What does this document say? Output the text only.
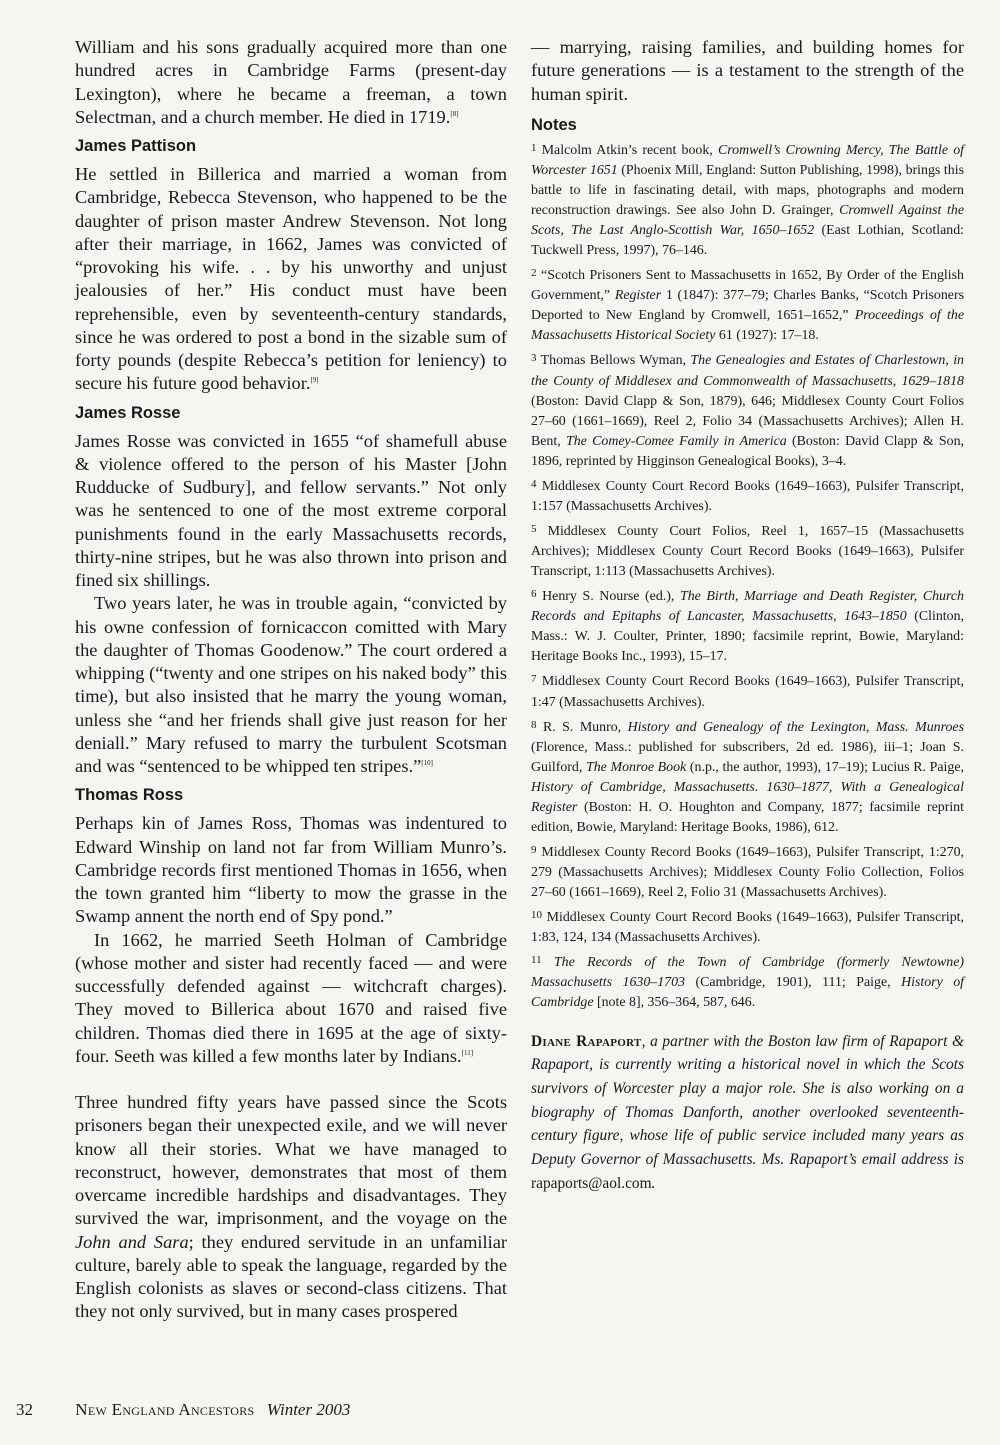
William and his sons gradually acquired more than one hundred acres in Cambridge Farms (present-day Lexington), where he became a freeman, a town Selectman, and a church member. He died in 1719.[8]

James Pattison

He settled in Billerica and married a woman from Cambridge, Rebecca Stevenson, who happened to be the daughter of prison master Andrew Stevenson. Not long after their marriage, in 1662, James was convicted of “provoking his wife. . . by his unworthy and unjust jealousies of her.” His conduct must have been reprehensible, even by seventeenth-century standards, since he was ordered to post a bond in the sizable sum of forty pounds (despite Rebecca’s petition for leniency) to secure his future good behavior.[9]

James Rosse

James Rosse was convicted in 1655 “of shamefull abuse & violence offered to the person of his Master [John Rudducke of Sudbury], and fellow servants.” Not only was he sentenced to one of the most extreme corporal punishments found in the early Massachusetts records, thirty-nine stripes, but he was also thrown into prison and fined six shillings.

Two years later, he was in trouble again, “convicted by his owne confession of fornicaccon comitted with Mary the daughter of Thomas Goodenow.” The court ordered a whipping (“twenty and one stripes on his naked body” this time), but also insisted that he marry the young woman, unless she “and her friends shall give just reason for her deniall.” Mary refused to marry the turbulent Scotsman and was “sentenced to be whipped ten stripes.”[10]

Thomas Ross

Perhaps kin of James Ross, Thomas was indentured to Edward Winship on land not far from William Munro’s. Cambridge records first mentioned Thomas in 1656, when the town granted him “liberty to mow the grasse in the Swamp annent the north end of Spy pond.”

In 1662, he married Seeth Holman of Cambridge (whose mother and sister had recently faced — and were successfully defended against — witchcraft charges). They moved to Billerica about 1670 and raised five children. Thomas died there in 1695 at the age of sixty-four. Seeth was killed a few months later by Indians.[11]

Three hundred fifty years have passed since the Scots prisoners began their unexpected exile, and we will never know all their stories. What we have managed to reconstruct, however, demonstrates that most of them overcame incredible hardships and disadvantages. They survived the war, imprisonment, and the voyage on the John and Sara; they endured servitude in an unfamiliar culture, barely able to speak the language, regarded by the English colonists as slaves or second-class citizens. That they not only survived, but in many cases prospered

— marrying, raising families, and building homes for future generations — is a testament to the strength of the human spirit.

Notes

$^1$ Malcolm Atkin’s recent book, Cromwell’s Crowning Mercy, The Battle of Worcester 1651 (Phoenix Mill, England: Sutton Publishing, 1998), brings this battle to life in fascinating detail, with maps, photographs and modern reconstruction drawings. See also John D. Grainger, Cromwell Against the Scots, The Last Anglo-Scottish War, 1650–1652 (East Lothian, Scotland: Tuckwell Press, 1997), 76–146.

$^2$ “Scotch Prisoners Sent to Massachusetts in 1652, By Order of the English Government,” Register 1 (1847): 377–79; Charles Banks, “Scotch Prisoners Deported to New England by Cromwell, 1651–1652,” Proceedings of the Massachusetts Historical Society 61 (1927): 17–18.

$^3$ Thomas Bellows Wyman, The Genealogies and Estates of Charlestown, in the County of Middlesex and Commonwealth of Massachusetts, 1629–1818 (Boston: David Clapp & Son, 1879), 646; Middlesex County Court Folios 27–60 (1661–1669), Reel 2, Folio 34 (Massachusetts Archives); Allen H. Bent, The Comey-Comee Family in America (Boston: David Clapp & Son, 1896, reprinted by Higginson Genealogical Books), 3–4.

$^4$ Middlesex County Court Record Books (1649–1663), Pulsifer Transcript, 1:157 (Massachusetts Archives).

$^5$ Middlesex County Court Folios, Reel 1, 1657–15 (Massachusetts Archives); Middlesex County Court Record Books (1649–1663), Pulsifer Transcript, 1:113 (Massachusetts Archives).

$^6$ Henry S. Nourse (ed.), The Birth, Marriage and Death Register, Church Records and Epitaphs of Lancaster, Massachusetts, 1643–1850 (Clinton, Mass.: W. J. Coulter, Printer, 1890; facsimile reprint, Bowie, Maryland: Heritage Books Inc., 1993), 15–17.

$^7$ Middlesex County Court Record Books (1649–1663), Pulsifer Transcript, 1:47 (Massachusetts Archives).

$^8$ R. S. Munro, History and Genealogy of the Lexington, Mass. Munroes (Florence, Mass.: published for subscribers, 2d ed. 1986), iii–1; Joan S. Guilford, The Monroe Book (n.p., the author, 1993), 17–19); Lucius R. Paige, History of Cambridge, Massachusetts. 1630–1877, With a Genealogical Register (Boston: H. O. Houghton and Company, 1877; facsimile reprint edition, Bowie, Maryland: Heritage Books, 1986), 612.

$^9$ Middlesex County Record Books (1649–1663), Pulsifer Transcript, 1:270, 279 (Massachusetts Archives); Middlesex County Folio Collection, Folios 27–60 (1661–1669), Reel 2, Folio 31 (Massachusetts Archives).

$^{10}$ Middlesex County Court Record Books (1649–1663), Pulsifer Transcript, 1:83, 124, 134 (Massachusetts Archives).

$^{11}$ The Records of the Town of Cambridge (formerly Newtowne) Massachusetts 1630–1703 (Cambridge, 1901), 111; Paige, History of Cambridge [note 8], 356–364, 587, 646.

Diane Rapaport, a partner with the Boston law firm of Rapaport & Rapaport, is currently writing a historical novel in which the Scots survivors of Worcester play a major role. She is also working on a biography of Thomas Danforth, another overlooked seventeenth-century figure, whose life of public service included many years as Deputy Governor of Massachusetts. Ms. Rapaport’s email address is rapaports@aol.com.

32 New England Ancestors Winter 2003
